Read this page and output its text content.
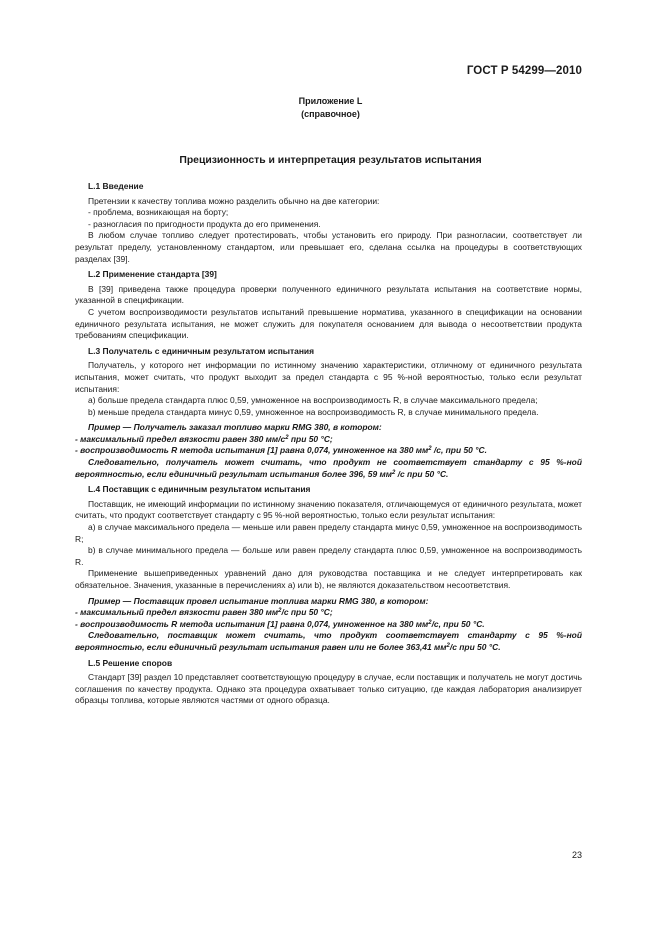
ГОСТ Р 54299—2010
Приложение L
(справочное)
Прецизионность и интерпретация результатов испытания

L.1 Введение

Претензии к качеству топлива можно разделить обычно на две категории:

- проблема, возникающая на борту;

- разногласия по пригодности продукта до его применения.

В любом случае топливо следует протестировать, чтобы установить его природу. При разногласии, соответствует ли результат пределу, установленному стандартом, или превышает его, сделана ссылка на процедуры в соответствующих разделах [39].

L.2 Применение стандарта [39]

В [39] приведена также процедура проверки полученного единичного результата испытания на соответствие нормы, указанной в спецификации.

С учетом воспроизводимости результатов испытаний превышение норматива, указанного в спецификации на основании единичного результата испытания, не может служить для покупателя основанием для вывода о несоответствии продукта требованиям спецификации.

L.3 Получатель с единичным результатом испытания

Получатель, у которого нет информации по истинному значению характеристики, отличному от единичного результата испытания, может считать, что продукт выходит за предел стандарта с 95 %-ной вероятностью, только если результат испытания:

a) больше предела стандарта плюс 0,59, умноженное на воспроизводимость R, в случае максимального предела;

b) меньше предела стандарта минус 0,59, умноженное на воспроизводимость R, в случае минимального предела.

Пример — Получатель заказал топливо марки RMG 380, в котором:

- максимальный предел вязкости равен 380 $мм/с^2$ при 50 °C;

- воспроизводимость R метода испытания [1] равна 0,074, умноженное на 380 $мм^2$ /с, при 50 °C.

Следовательно, получатель может считать, что продукт не соответствует стандарту с 95 %-ной вероятностью, если единичный результат испытания более 396, 59 $мм^2$ /с при 50 °C.

L.4 Поставщик с единичным результатом испытания

Поставщик, не имеющий информации по истинному значению показателя, отличающемуся от единичного результата, может считать, что продукт соответствует стандарту с 95 %-ной вероятностью, только если результат испытания:

a) в случае максимального предела — меньше или равен пределу стандарта минус 0,59, умноженное на воспроизводимость R;

b) в случае минимального предела — больше или равен пределу стандарта плюс 0,59, умноженное на воспроизводимость R.

Применение вышеприведенных уравнений дано для руководства поставщика и не следует интерпретировать как обязательное. Значения, указанные в перечислениях а) или b), не являются доказательством несоответствия.

Пример — Поставщик провел испытание топлива марки RMG 380, в котором:

- максимальный предел вязкости равен 380 $мм^2/с$ при 50 °C;

- воспроизводимость R метода испытания [1] равна 0,074, умноженное на 380 $мм^2/с$, при 50 °C.

Следовательно, поставщик может считать, что продукт соответствует стандарту с 95 %-ной вероятностью, если единичный результат испытания равен или не более 363,41 $мм^2/с$ при 50 °C.

L.5 Решение споров

Стандарт [39] раздел 10 представляет соответствующую процедуру в случае, если поставщик и получатель не могут достичь соглашения по качеству продукта. Однако эта процедура охватывает только ситуацию, где каждая лаборатория анализирует образцы топлива, которые являются частями от одного образца.

23
